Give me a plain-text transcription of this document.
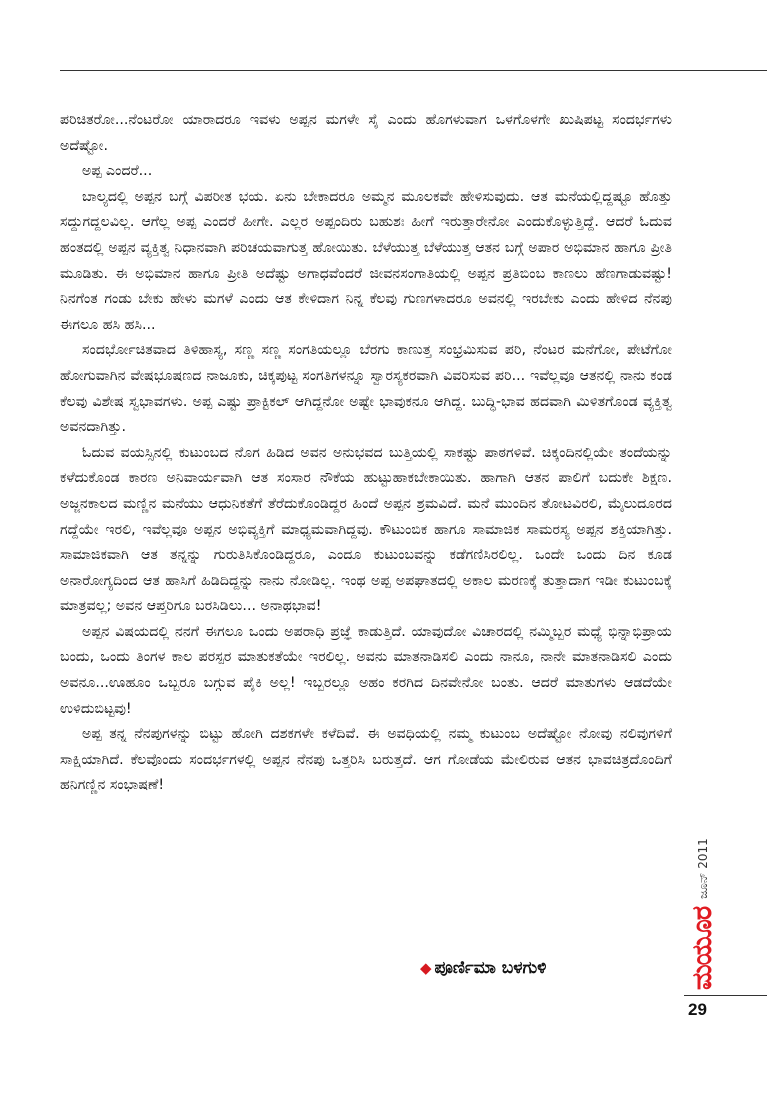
ಪರಿಚಿತರೋ...ನೆಂಟರೋ ಯಾರಾದರೂ ಇವಳು ಅಪ್ಪನ ಮಗಳೇ ಸೈ ಎಂದು ಹೊಗಳುವಾಗ ಒಳಗೊಳಗೇ ಖುಷಿಪಟ್ಟ ಸಂದರ್ಭಗಳು ಅದೆಷ್ಟೋ.

ಅಪ್ಪ ಎಂದರೆ...

ಬಾಲ್ಯದಲ್ಲಿ ಅಪ್ಪನ ಬಗ್ಗೆ ವಿಪರೀತ ಭಯ. ಏನು ಬೇಕಾದರೂ ಅಮ್ಮನ ಮೂಲಕವೇ ಹೇಳಿಸುವುದು. ಆತ ಮನೆಯಲ್ಲಿದ್ದಷ್ಟೂ ಹೊತ್ತು ಸದ್ದುಗದ್ದಲವಿಲ್ಲ. ಆಗೆಲ್ಲ ಅಪ್ಪ ಎಂದರೆ ಹೀಗೇ. ಎಲ್ಲರ ಅಪ್ಪಂದಿರು ಬಹುಶಃ ಹೀಗೆ ಇರುತ್ತಾರೇನೋ ಎಂದುಕೊಳ್ಳುತ್ತಿದ್ದೆ. ಆದರೆ ಓದುವ ಹಂತದಲ್ಲಿ ಅಪ್ಪನ ವ್ಯಕ್ತಿತ್ವ ನಿಧಾನವಾಗಿ ಪರಿಚಯವಾಗುತ್ತ ಹೋಯಿತು. ಬೆಳೆಯುತ್ತ ಬೆಳೆಯುತ್ತ ಆತನ ಬಗ್ಗೆ ಅಪಾರ ಅಭಿಮಾನ ಹಾಗೂ ಪ್ರೀತಿ ಮೂಡಿತು. ಈ ಅಭಿಮಾನ ಹಾಗೂ ಪ್ರೀತಿ ಅದೆಷ್ಟು ಅಗಾಧವೆಂದರೆ ಜೀವನಸಂಗಾತಿಯಲ್ಲಿ ಅಪ್ಪನ ಪ್ರತಿಬಿಂಬ ಕಾಣಲು ಹೆಣಗಾಡುವಷ್ಟು! ನಿನಗೆಂತ ಗಂಡು ಬೇಕು ಹೇಳು ಮಗಳೆ ಎಂದು ಆತ ಕೇಳಿದಾಗ ನಿನ್ನ ಕೆಲವು ಗುಣಗಳಾದರೂ ಅವನಲ್ಲಿ ಇರಬೇಕು ಎಂದು ಹೇಳಿದ ನೆನಪು ಈಗಲೂ ಹಸಿ ಹಸಿ...

ಸಂದರ್ಭೋಚಿತವಾದ ತಿಳಿಹಾಸ್ಯ, ಸಣ್ಣ ಸಣ್ಣ ಸಂಗತಿಯಲ್ಲೂ ಬೆರಗು ಕಾಣುತ್ತ ಸಂಭ್ರಮಿಸುವ ಪರಿ, ನೆಂಟರ ಮನೆಗೋ, ಪೇಟೆಗೋ ಹೋಗುವಾಗಿನ ವೇಷಭೂಷಣದ ನಾಜೂಕು, ಚಿಕ್ಕಪುಟ್ಟ ಸಂಗತಿಗಳನ್ನೂ ಸ್ವಾರಸ್ಯಕರವಾಗಿ ವಿವರಿಸುವ ಪರಿ... ಇವೆಲ್ಲವೂ ಆತನಲ್ಲಿ ನಾನು ಕಂಡ ಕೆಲವು ವಿಶೇಷ ಸ್ವಭಾವಗಳು. ಅಪ್ಪ ಎಷ್ಟು ಪ್ರಾಕ್ಟಿಕಲ್ ಆಗಿದ್ದನೋ ಅಷ್ಟೇ ಭಾವುಕನೂ ಆಗಿದ್ದ. ಬುದ್ಧಿ-ಭಾವ ಹದವಾಗಿ ಮಿಳಿತಗೊಂಡ ವ್ಯಕ್ತಿತ್ವ ಅವನದಾಗಿತ್ತು.

ಓದುವ ವಯಸ್ಸಿನಲ್ಲಿ ಕುಟುಂಬದ ನೊಗ ಹಿಡಿದ ಅವನ ಅನುಭವದ ಬುತ್ತಿಯಲ್ಲಿ ಸಾಕಷ್ಟು ಪಾಠಗಳಿವೆ. ಚಿಕ್ಕಂದಿನಲ್ಲಿಯೇ ತಂದೆಯನ್ನು ಕಳೆದುಕೊಂಡ ಕಾರಣ ಅನಿವಾರ್ಯವಾಗಿ ಆತ ಸಂಸಾರ ನೌಕೆಯ ಹುಟ್ಟುಹಾಕಬೇಕಾಯಿತು. ಹಾಗಾಗಿ ಆತನ ಪಾಲಿಗೆ ಬದುಕೇ ಶಿಕ್ಷಣ. ಅಜ್ಜನಕಾಲದ ಮಣ್ಣಿನ ಮನೆಯು ಆಧುನಿಕತೆಗೆ ತೆರೆದುಕೊಂಡಿದ್ದರ ಹಿಂದೆ ಅಪ್ಪನ ಶ್ರಮವಿದೆ. ಮನೆ ಮುಂದಿನ ತೋಟವಿರಲಿ, ಮೈಲುದೂರದ ಗದ್ದೆಯೇ ಇರಲಿ, ಇವೆಲ್ಲವೂ ಅಪ್ಪನ ಅಭಿವ್ಯಕ್ತಿಗೆ ಮಾಧ್ಯಮವಾಗಿದ್ದವು. ಕೌಟುಂಬಿಕ ಹಾಗೂ ಸಾಮಾಜಿಕ ಸಾಮರಸ್ಯ ಅಪ್ಪನ ಶಕ್ತಿಯಾಗಿತ್ತು. ಸಾಮಾಜಿಕವಾಗಿ ಆತ ತನ್ನನ್ನು ಗುರುತಿಸಿಕೊಂಡಿದ್ದರೂ, ಎಂದೂ ಕುಟುಂಬವನ್ನು ಕಡೆಗಣಿಸಿರಲಿಲ್ಲ. ಒಂದೇ ಒಂದು ದಿನ ಕೂಡ ಅನಾರೋಗ್ಯದಿಂದ ಆತ ಹಾಸಿಗೆ ಹಿಡಿದಿದ್ದನ್ನು ನಾನು ನೋಡಿಲ್ಲ. ಇಂಥ ಅಪ್ಪ ಅಪಘಾತದಲ್ಲಿ ಅಕಾಲ ಮರಣಕ್ಕೆ ತುತ್ತಾದಾಗ ಇಡೀ ಕುಟುಂಬಕ್ಕೆ ಮಾತ್ರವಲ್ಲ; ಅವನ ಆಪ್ತರಿಗೂ ಬರಸಿಡಿಲು... ಅನಾಥಭಾವ!

ಅಪ್ಪನ ವಿಷಯದಲ್ಲಿ ನನಗೆ ಈಗಲೂ ಒಂದು ಅಪರಾಧಿ ಪ್ರಜ್ಞೆ ಕಾಡುತ್ತಿದೆ. ಯಾವುದೋ ವಿಚಾರದಲ್ಲಿ ನಮ್ಮಿಬ್ಬರ ಮಧ್ಯೆ ಭಿನ್ನಾಭಿಪ್ರಾಯ ಬಂದು, ಒಂದು ತಿಂಗಳ ಕಾಲ ಪರಸ್ಪರ ಮಾತುಕತೆಯೇ ಇರಲಿಲ್ಲ. ಅವನು ಮಾತನಾಡಿಸಲಿ ಎಂದು ನಾನೂ, ನಾನೇ ಮಾತನಾಡಿಸಲಿ ಎಂದು ಅವನೂ...ಊಹೂಂ ಒಬ್ಬರೂ ಬಗ್ಗುವ ಪೈಕಿ ಅಲ್ಲ! ಇಬ್ಬರಲ್ಲೂ ಅಹಂ ಕರಗಿದ ದಿನವೇನೋ ಬಂತು. ಆದರೆ ಮಾತುಗಳು ಆಡದೆಯೇ ಉಳಿದುಬಿಟ್ಟವು!

ಅಪ್ಪ ತನ್ನ ನೆನಪುಗಳನ್ನು ಬಿಟ್ಟು ಹೋಗಿ ದಶಕಗಳೇ ಕಳೆದಿವೆ. ಈ ಅವಧಿಯಲ್ಲಿ ನಮ್ಮ ಕುಟುಂಬ ಅದೆಷ್ಟೋ ನೋವು ನಲಿವುಗಳಿಗೆ ಸಾಕ್ಷಿಯಾಗಿದೆ. ಕೆಲವೊಂದು ಸಂದರ್ಭಗಳಲ್ಲಿ ಅಪ್ಪನ ನೆನಪು ಒತ್ತರಿಸಿ ಬರುತ್ತದೆ. ಆಗ ಗೋಡೆಯ ಮೇಲಿರುವ ಆತನ ಭಾವಚಿತ್ರದೊಂದಿಗೆ ಹನಿಗಣ್ಣಿನ ಸಂಭಾಷಣೆ!

◆ ಪೂರ್ಣಿಮಾ ಬಳಗುಳಿ	ಮಯೂರ
ಜೂನ್ 2011
29
